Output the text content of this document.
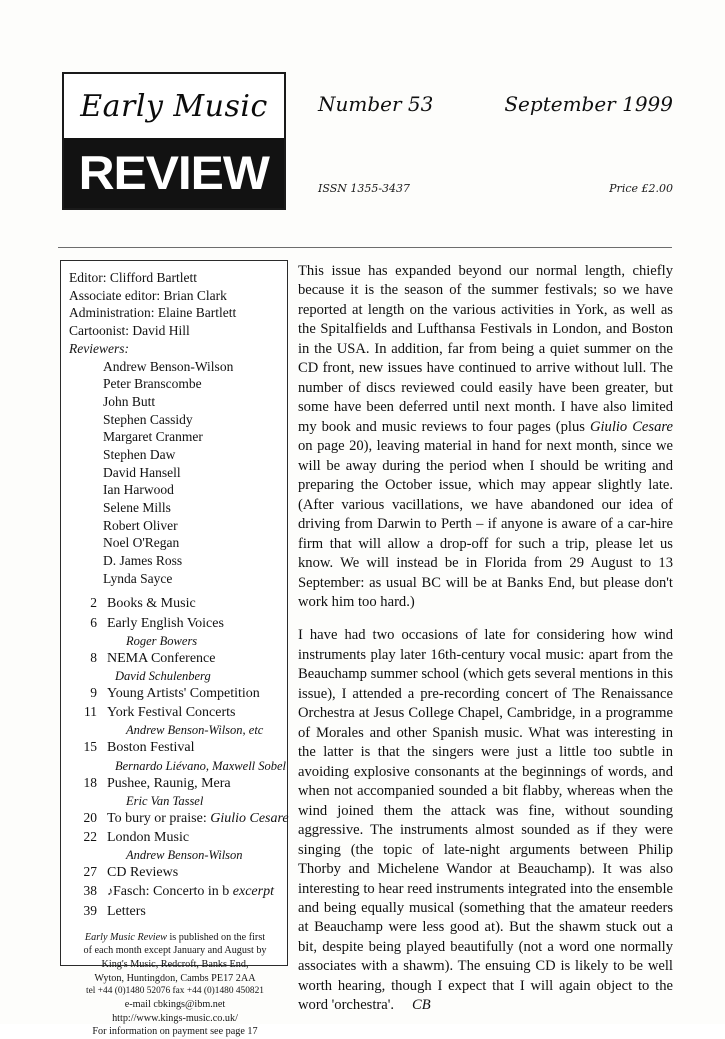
Early Music
REVIEW
Number 53	September 1999
ISSN 1355-3437	Price £2.00
Editor: Clifford Bartlett
Associate editor: Brian Clark
Administration: Elaine Bartlett
Cartoonist: David Hill
Reviewers:
Andrew Benson-Wilson
Peter Branscombe
John Butt
Stephen Cassidy
Margaret Cranmer
Stephen Daw
David Hansell
Ian Harwood
Selene Mills
Robert Oliver
Noel O'Regan
D. James Ross
Lynda Sayce
2 Books & Music
6 Early English Voices
Roger Bowers
8 NEMA Conference
David Schulenberg
9 Young Artists' Competition
11 York Festival Concerts
Andrew Benson-Wilson, etc
15 Boston Festival
Bernardo Liévano, Maxwell Sobel
18 Pushee, Raunig, Mera
Eric Van Tassel
20 To bury or praise: Giulio Cesare
22 London Music
Andrew Benson-Wilson
27 CD Reviews
38 ♪Fasch: Concerto in b excerpt
39 Letters
Early Music Review is published on the first
of each month except January and August by
King's Music, Redcroft, Banks End,
Wyton, Huntingdon, Cambs PE17 2AA
tel +44 (0)1480 52076 fax +44 (0)1480 450821
e-mail cbkings@ibm.net
http://www.kings-music.co.uk/
For information on payment see page 17

This issue has expanded beyond our normal length, chiefly because it is the season of the summer festivals; so we have reported at length on the various activities in York, as well as the Spitalfields and Lufthansa Festivals in London, and Boston in the USA. In addition, far from being a quiet summer on the CD front, new issues have continued to arrive without lull. The number of discs reviewed could easily have been greater, but some have been deferred until next month. I have also limited my book and music reviews to four pages (plus Giulio Cesare on page 20), leaving material in hand for next month, since we will be away during the period when I should be writing and preparing the October issue, which may appear slightly late. (After various vacillations, we have abandoned our idea of driving from Darwin to Perth – if anyone is aware of a car-hire firm that will allow a drop-off for such a trip, please let us know. We will instead be in Florida from 29 August to 13 September: as usual BC will be at Banks End, but please don't work him too hard.)

I have had two occasions of late for considering how wind instruments play later 16th-century vocal music: apart from the Beauchamp summer school (which gets several mentions in this issue), I attended a pre-recording concert of The Renaissance Orchestra at Jesus College Chapel, Cambridge, in a programme of Morales and other Spanish music. What was interesting in the latter is that the singers were just a little too subtle in avoiding explosive consonants at the beginnings of words, and when not accompanied sounded a bit flabby, whereas when the wind joined them the attack was fine, without sounding aggressive. The instruments almost sounded as if they were singing (the topic of late-night arguments between Philip Thorby and Michelene Wandor at Beauchamp). It was also interesting to hear reed instruments integrated into the ensemble and being equally musical (something that the amateur reeders at Beauchamp were less good at). But the shawm stuck out a bit, despite being played beautifully (not a word one normally associates with a shawm). The ensuing CD is likely to be well worth hearing, though I expect that I will again object to the word 'orchestra'. CB
